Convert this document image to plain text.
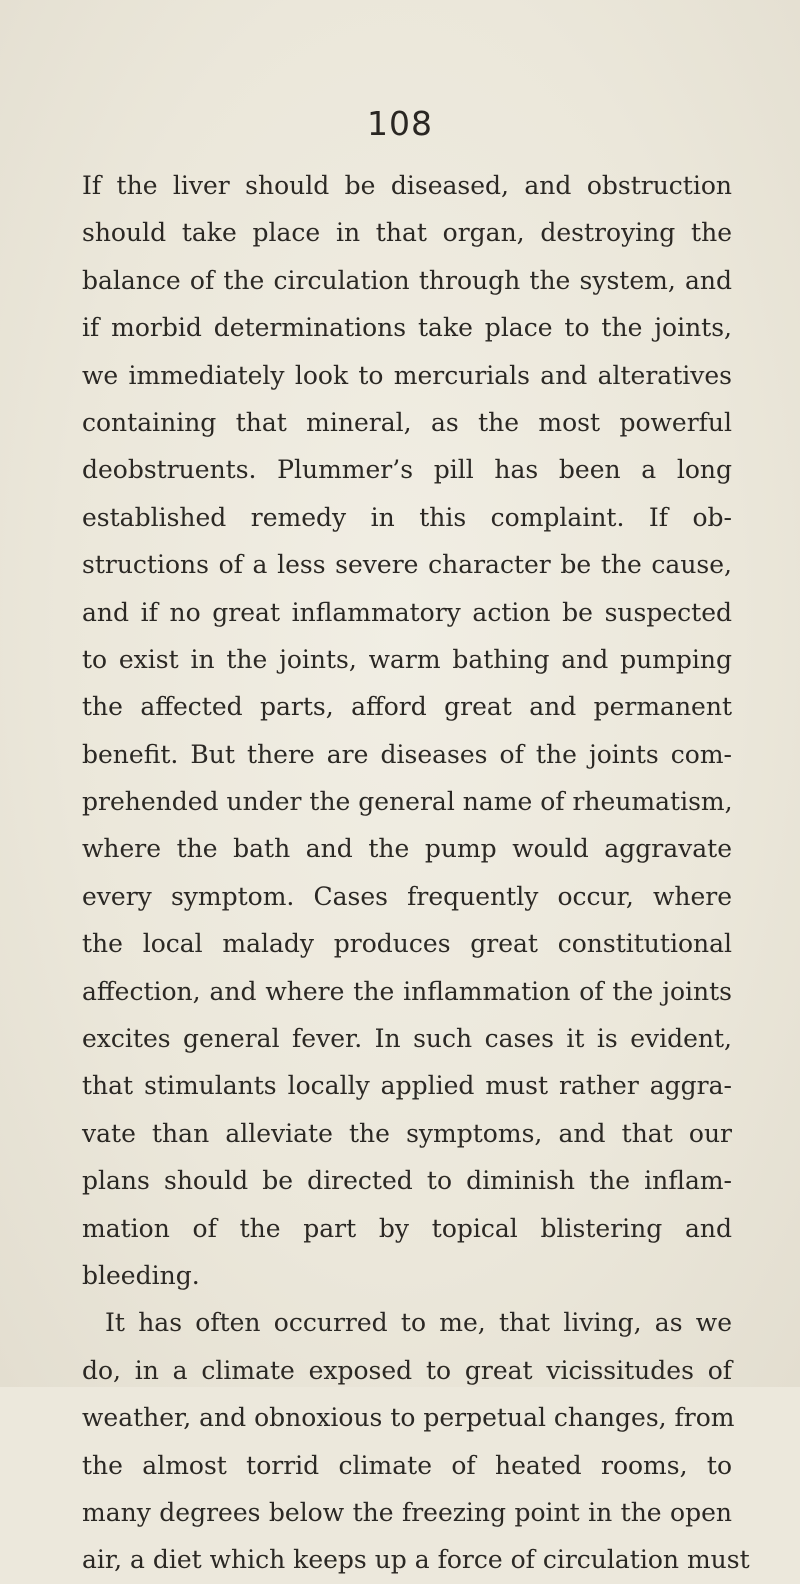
108
If the liver should be diseased, and obstruction
should take place in that organ, destroying the
balance of the circulation through the system, and
if morbid determinations take place to the joints,
we immediately look to mercurials and alteratives
containing that mineral, as the most powerful
deobstruents. Plummer’s pill has been a long
established remedy in this complaint. If ob-
structions of a less severe character be the cause,
and if no great inflammatory action be suspected
to exist in the joints, warm bathing and pumping
the affected parts, afford great and permanent
benefit. But there are diseases of the joints com-
prehended under the general name of rheumatism,
where the bath and the pump would aggravate
every symptom. Cases frequently occur, where
the local malady produces great constitutional
affection, and where the inflammation of the joints
excites general fever. In such cases it is evident,
that stimulants locally applied must rather aggra-
vate than alleviate the symptoms, and that our
plans should be directed to diminish the inflam-
mation of the part by topical blistering and
bleeding.
It has often occurred to me, that living, as we
do, in a climate exposed to great vicissitudes of
weather, and obnoxious to perpetual changes, from
the almost torrid climate of heated rooms, to
many degrees below the freezing point in the open
air, a diet which keeps up a force of circulation must
